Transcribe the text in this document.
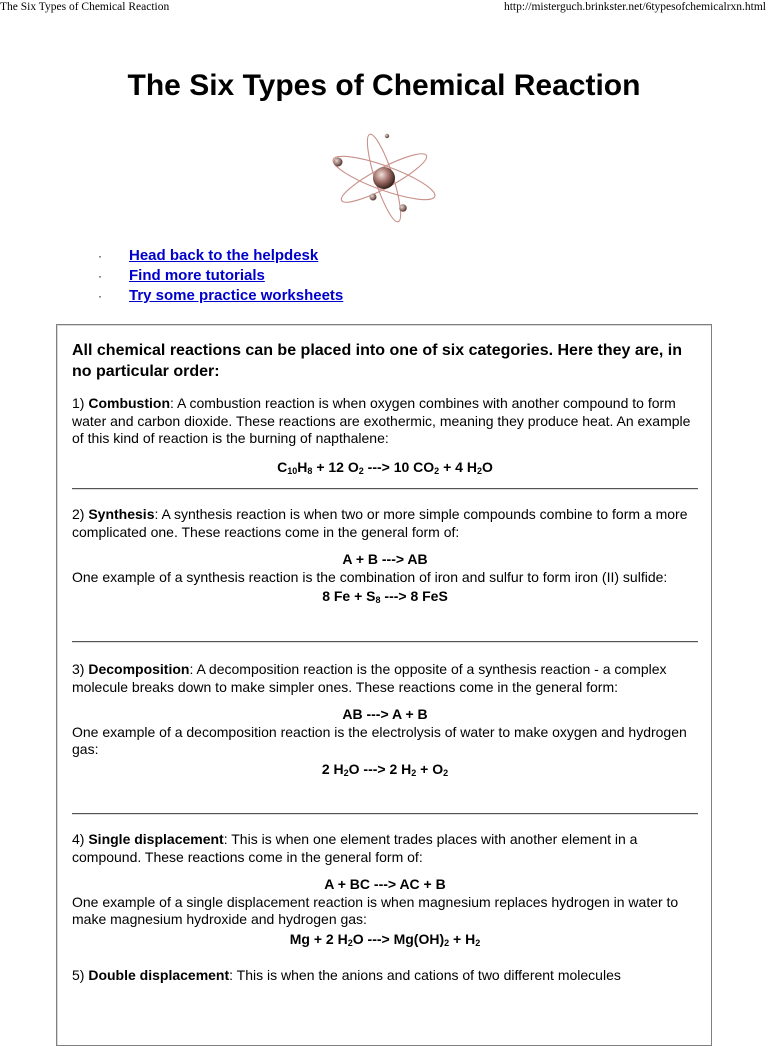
The Six Types of Chemical Reaction	http://misterguch.brinkster.net/6typesofchemicalrxn.html
The Six Types of Chemical Reaction
· Head back to the helpdesk
· Find more tutorials
· Try some practice worksheets

All chemical reactions can be placed into one of six categories. Here they are, in no particular order:

1) Combustion: A combustion reaction is when oxygen combines with another compound to form water and carbon dioxide. These reactions are exothermic, meaning they produce heat. An example of this kind of reaction is the burning of napthalene:

$C_{10}H_8 + 12$ $O_2$ ---> 10 $CO_2 + 4$ $H_2O$

2) Synthesis: A synthesis reaction is when two or more simple compounds combine to form a more complicated one. These reactions come in the general form of:

A + B ---> AB

One example of a synthesis reaction is the combination of iron and sulfur to form iron (II) sulfide:

8 $Fe + S_8$ ---> 8 FeS

3) Decomposition: A decomposition reaction is the opposite of a synthesis reaction - a complex molecule breaks down to make simpler ones. These reactions come in the general form:

AB ---> A + B

One example of a decomposition reaction is the electrolysis of water to make oxygen and hydrogen gas:

2 $H_2O$ ---> 2 $H_2 + O_2$

4) Single displacement: This is when one element trades places with another element in a compound. These reactions come in the general form of:

A + BC ---> AC + B

One example of a single displacement reaction is when magnesium replaces hydrogen in water to make magnesium hydroxide and hydrogen gas:

Mg + 2 $H_2O$ ---> $Mg(OH)_2 + H_2$

5) Double displacement: This is when the anions and cations of two different molecules
